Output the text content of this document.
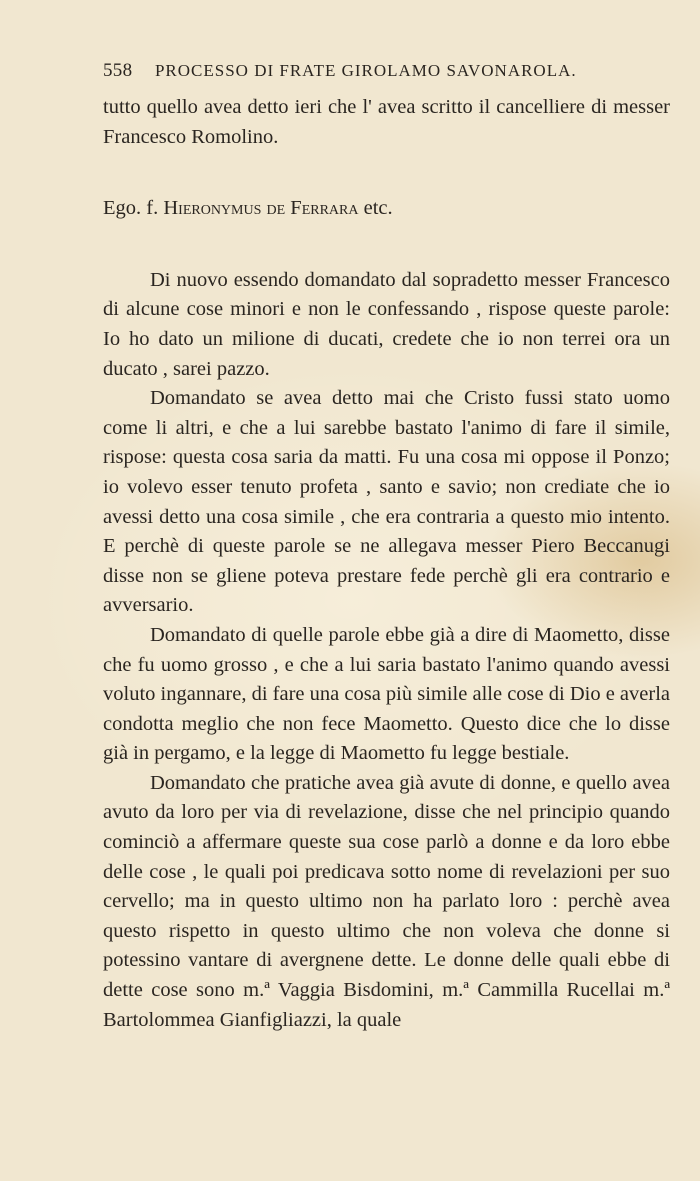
558 PROCESSO DI FRATE GIROLAMO SAVONAROLA.

tutto quello avea detto ieri che l' avea scritto il cancelliere di messer Francesco Romolino.

Ego. f. Hieronymus de Ferrara etc.

Di nuovo essendo domandato dal sopradetto messer Francesco di alcune cose minori e non le confessando , rispose queste parole: Io ho dato un milione di ducati, credete che io non terrei ora un ducato , sarei pazzo.

Domandato se avea detto mai che Cristo fussi stato uomo come li altri, e che a lui sarebbe bastato l'animo di fare il simile, rispose: questa cosa saria da matti. Fu una cosa mi oppose il Ponzo; io volevo esser tenuto profeta , santo e savio; non crediate che io avessi detto una cosa simile , che era contraria a questo mio intento. E perchè di queste parole se ne allegava messer Piero Beccanugi disse non se gliene poteva prestare fede perchè gli era contrario e avversario.

Domandato di quelle parole ebbe già a dire di Maometto, disse che fu uomo grosso , e che a lui saria bastato l'animo quando avessi voluto ingannare, di fare una cosa più simile alle cose di Dio e averla condotta meglio che non fece Maometto. Questo dice che lo disse già in pergamo, e la legge di Maometto fu legge bestiale.

Domandato che pratiche avea già avute di donne, e quello avea avuto da loro per via di revelazione, disse che nel principio quando cominciò a affermare queste sua cose parlò a donne e da loro ebbe delle cose , le quali poi predicava sotto nome di revelazioni per suo cervello; ma in questo ultimo non ha parlato loro : perchè avea questo rispetto in questo ultimo che non voleva che donne si potessino vantare di avergnene dette. Le donne delle quali ebbe di dette cose sono m.ª Vaggia Bisdomini, m.ª Cammilla Rucellai m.ª Bartolommea Gianfigliazzi, la quale
